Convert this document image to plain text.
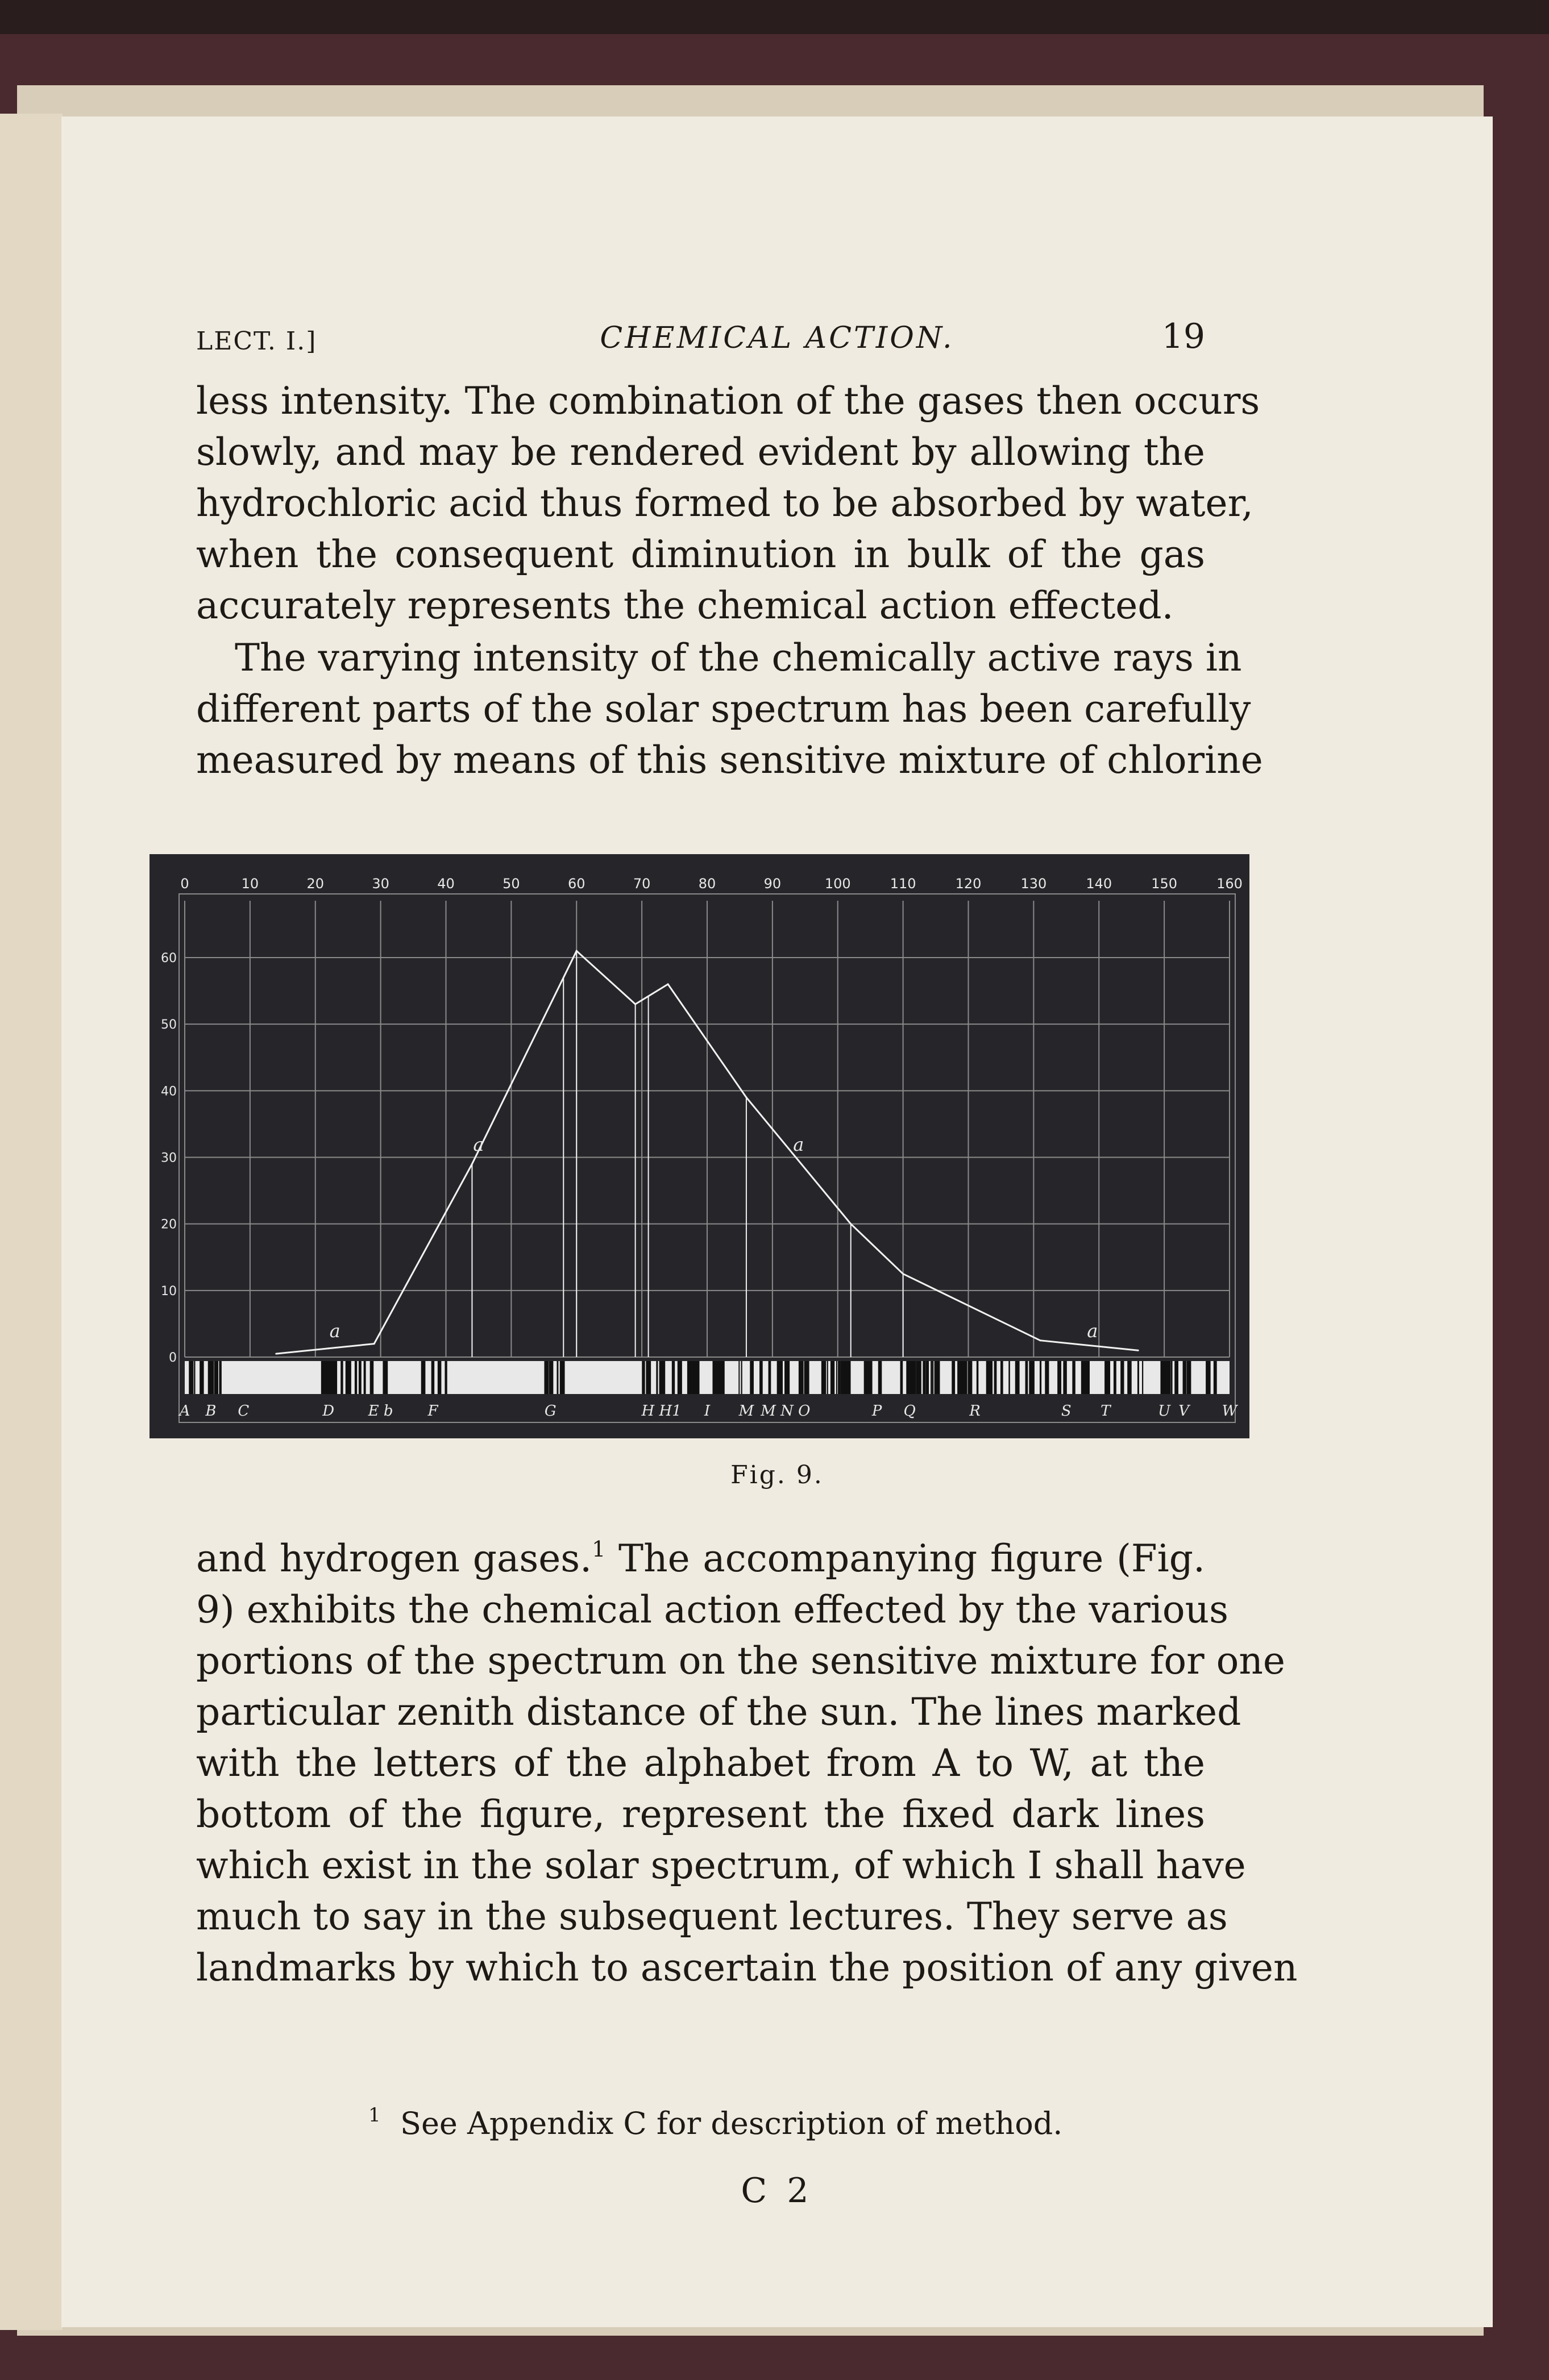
LECT. I.]	CHEMICAL ACTION.	19
less intensity. The combination of the gases then occurs
slowly, and may be rendered evident by allowing the
hydrochloric acid thus formed to be absorbed by water,
when the consequent diminution in bulk of the gas
accurately represents the chemical action effected.
The varying intensity of the chemically active rays in
different parts of the solar spectrum has been carefully
measured by means of this sensitive mixture of chlorine
0	10	20	30	40	50	60	70	80	90	100	110	120	130	140	150	160
0
10
20
30
40
50
60
a
a	a
a
A B C	D E b F	G	H H1 I M M N O	P Q	R	S T	U V W
Fig. 9.
and hydrogen gases.$^1$ The accompanying figure (Fig.
9) exhibits the chemical action effected by the various
portions of the spectrum on the sensitive mixture for one
particular zenith distance of the sun. The lines marked
with the letters of the alphabet from A to W, at the
bottom of the figure, represent the fixed dark lines
which exist in the solar spectrum, of which I shall have
much to say in the subsequent lectures. They serve as
landmarks by which to ascertain the position of any given
$^1$ See Appendix C for description of method.
C 2
